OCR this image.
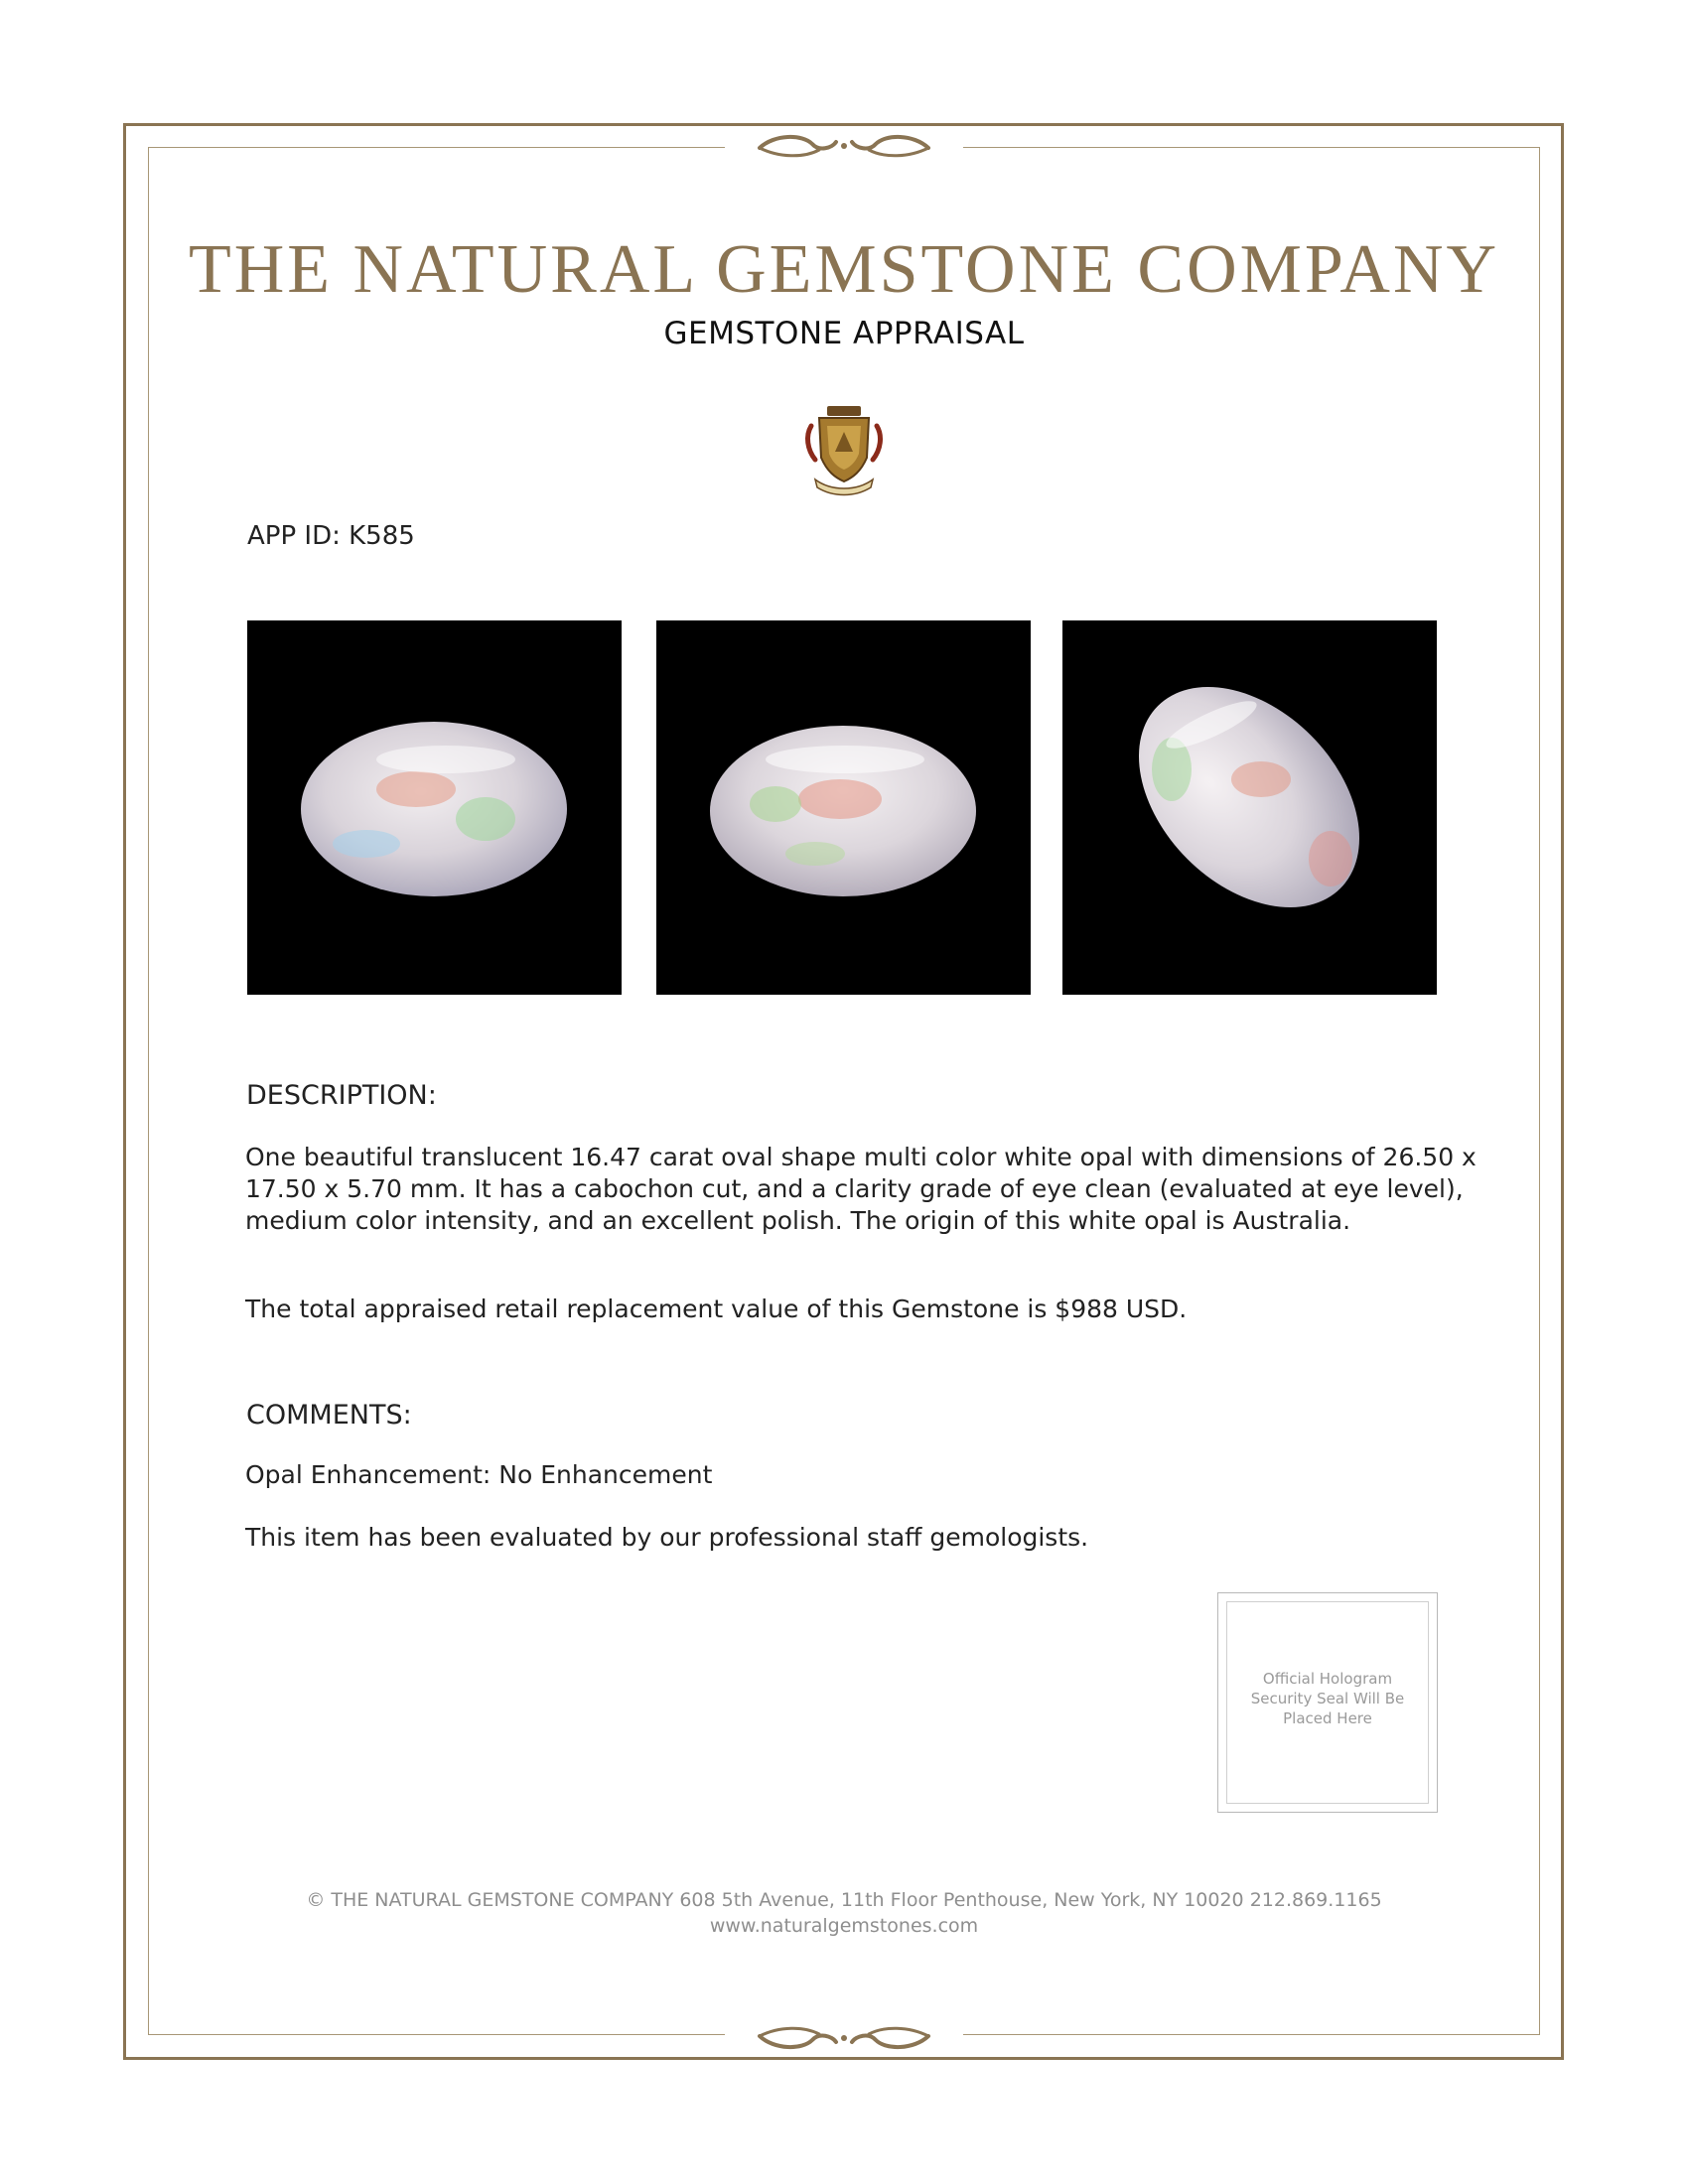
THE NATURAL GEMSTONE COMPANY
GEMSTONE APPRAISAL
APP ID: K585
DESCRIPTION:
One beautiful translucent 16.47 carat oval shape multi color white opal with dimensions of 26.50 x 17.50 x 5.70 mm. It has a cabochon cut, and a clarity grade of eye clean (evaluated at eye level), medium color intensity, and an excellent polish. The origin of this white opal is Australia.
The total appraised retail replacement value of this Gemstone is $988 USD.
COMMENTS:
Opal Enhancement: No Enhancement
This item has been evaluated by our professional staff gemologists.
Official Hologram Security Seal Will Be Placed Here
© THE NATURAL GEMSTONE COMPANY 608 5th Avenue, 11th Floor Penthouse, New York, NY 10020 212.869.1165
www.naturalgemstones.com
